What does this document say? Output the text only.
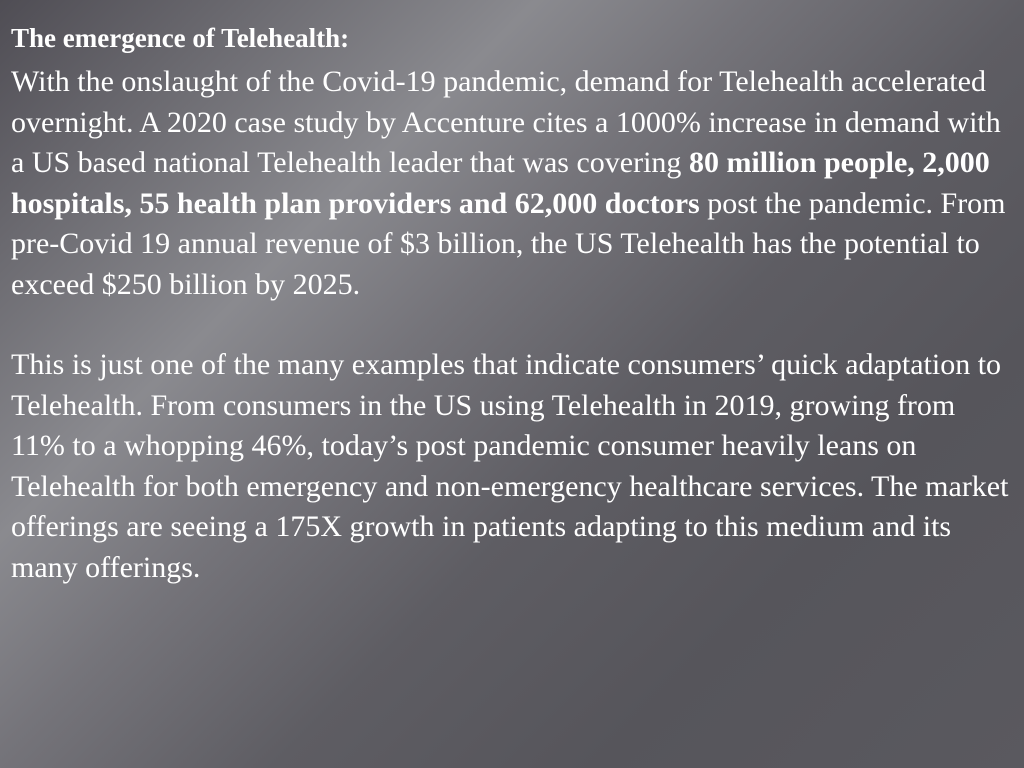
The emergence of Telehealth:

With the onslaught of the Covid-19 pandemic, demand for Telehealth accelerated overnight. A 2020 case study by Accenture cites a 1000% increase in demand with a US based national Telehealth leader that was covering 80 million people, 2,000 hospitals, 55 health plan providers and 62,000 doctors post the pandemic. From pre-Covid 19 annual revenue of $3 billion, the US Telehealth has the potential to exceed $250 billion by 2025.

This is just one of the many examples that indicate consumers’ quick adaptation to Telehealth. From consumers in the US using Telehealth in 2019, growing from 11% to a whopping 46%, today’s post pandemic consumer heavily leans on Telehealth for both emergency and non-emergency healthcare services. The market offerings are seeing a 175X growth in patients adapting to this medium and its many offerings.
